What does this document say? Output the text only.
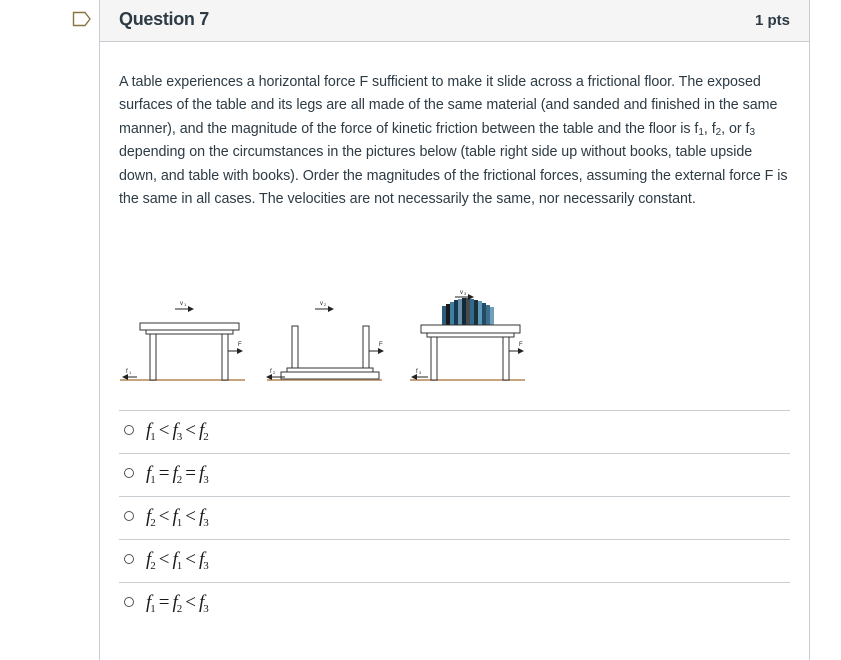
Question 7	1 pts
A table experiences a horizontal force F sufficient to make it slide across a frictional floor. The exposed surfaces of the table and its legs are all made of the same material (and sanded and finished in the same manner), and the magnitude of the force of kinetic friction between the table and the floor is $f_1$, $f_2$, or $f_3$ depending on the circumstances in the pictures below (table right side up without books, table upside down, and table with books). Order the magnitudes of the frictional forces, assuming the external force F is the same in all cases. The velocities are not necessarily the same, nor necessarily constant.
v 1
F
f 1
v 2
F
f 2
v 3
F
f 3
$f_1 < f_3 < f_2$
$f_1 = f_2 = f_3$
$f_2 < f_1 < f_3$
$f_2 < f_1 < f_3$
$f_1 = f_2 < f_3$
